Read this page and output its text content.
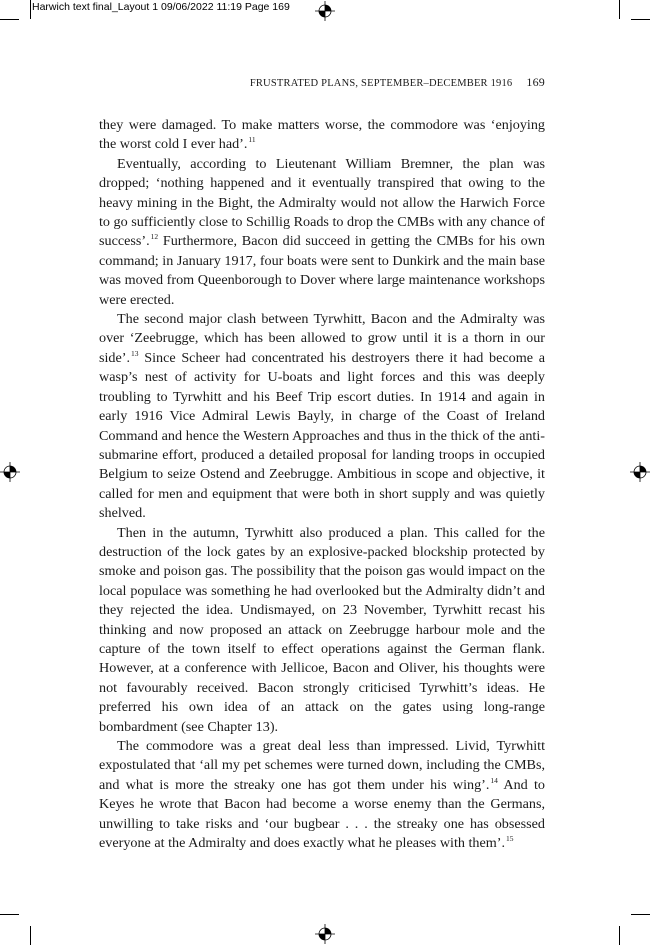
Harwich text final_Layout 1 09/06/2022 11:19 Page 169
FRUSTRATED PLANS, SEPTEMBER–DECEMBER 1916 169

they were damaged. To make matters worse, the commodore was ‘enjoying the worst cold I ever had’.$^{11}$

Eventually, according to Lieutenant William Bremner, the plan was dropped; ‘nothing happened and it eventually transpired that owing to the heavy mining in the Bight, the Admiralty would not allow the Harwich Force to go sufficiently close to Schillig Roads to drop the CMBs with any chance of success’.$^{12}$ Furthermore, Bacon did succeed in getting the CMBs for his own command; in January 1917, four boats were sent to Dunkirk and the main base was moved from Queenborough to Dover where large maintenance workshops were erected.

The second major clash between Tyrwhitt, Bacon and the Admiralty was over ‘Zeebrugge, which has been allowed to grow until it is a thorn in our side’.$^{13}$ Since Scheer had concentrated his destroyers there it had become a wasp’s nest of activity for U-boats and light forces and this was deeply troubling to Tyrwhitt and his Beef Trip escort duties. In 1914 and again in early 1916 Vice Admiral Lewis Bayly, in charge of the Coast of Ireland Command and hence the Western Approaches and thus in the thick of the anti-submarine effort, produced a detailed proposal for landing troops in occupied Belgium to seize Ostend and Zeebrugge. Ambitious in scope and objective, it called for men and equipment that were both in short supply and was quietly shelved.

Then in the autumn, Tyrwhitt also produced a plan. This called for the destruction of the lock gates by an explosive-packed blockship protected by smoke and poison gas. The possibility that the poison gas would impact on the local populace was something he had overlooked but the Admiralty didn’t and they rejected the idea. Undismayed, on 23 November, Tyrwhitt recast his thinking and now proposed an attack on Zeebrugge harbour mole and the capture of the town itself to effect operations against the German flank. However, at a conference with Jellicoe, Bacon and Oliver, his thoughts were not favourably received. Bacon strongly criticised Tyrwhitt’s ideas. He preferred his own idea of an attack on the gates using long-range bombardment (see Chapter 13).

The commodore was a great deal less than impressed. Livid, Tyrwhitt expostulated that ‘all my pet schemes were turned down, including the CMBs, and what is more the streaky one has got them under his wing’.$^{14}$ And to Keyes he wrote that Bacon had become a worse enemy than the Germans, unwilling to take risks and ‘our bugbear . . . the streaky one has obsessed everyone at the Admiralty and does exactly what he pleases with them’.$^{15}$
